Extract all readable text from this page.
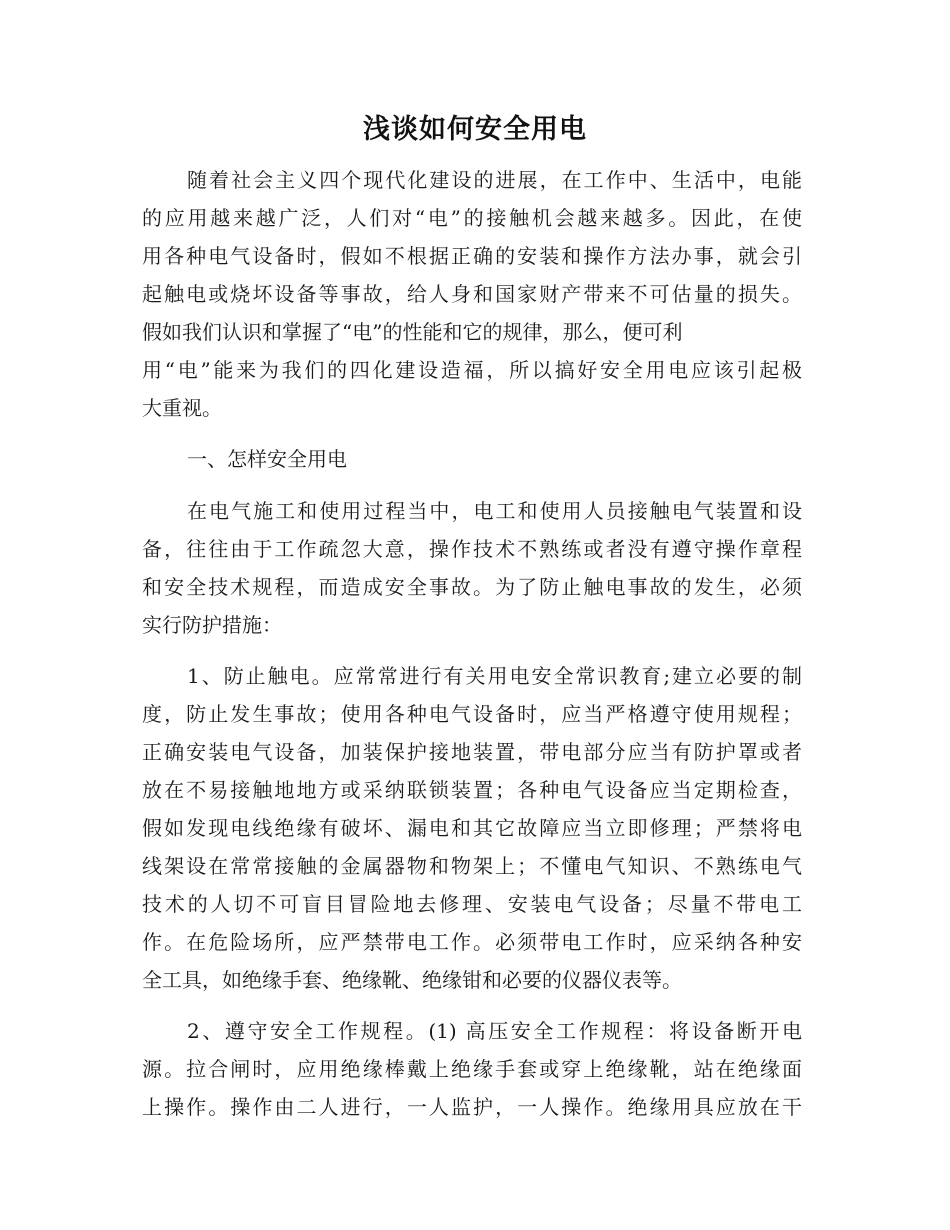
浅谈如何安全用电
随着社会主义四个现代化建设的进展，在工作中、生活中，电能
的应用越来越广泛，人们对“电”的接触机会越来越多。因此，在使
用各种电气设备时，假如不根据正确的安装和操作方法办事，就会引
起触电或烧坏设备等事故，给人身和国家财产带来不可估量的损失。
假如我们认识和掌握了“电”的性能和它的规律，那么，便可利
用“电”能来为我们的四化建设造福，所以搞好安全用电应该引起极
大重视。
一、怎样安全用电
在电气施工和使用过程当中，电工和使用人员接触电气装置和设
备，往往由于工作疏忽大意，操作技术不熟练或者没有遵守操作章程
和安全技术规程，而造成安全事故。为了防止触电事故的发生，必须
实行防护措施：
1、防止触电。应常常进行有关用电安全常识教育;建立必要的制
度，防止发生事故；使用各种电气设备时，应当严格遵守使用规程；
正确安装电气设备，加装保护接地装置，带电部分应当有防护罩或者
放在不易接触地地方或采纳联锁装置；各种电气设备应当定期检查，
假如发现电线绝缘有破坏、漏电和其它故障应当立即修理；严禁将电
线架设在常常接触的金属器物和物架上；不懂电气知识、不熟练电气
技术的人切不可盲目冒险地去修理、安装电气设备；尽量不带电工
作。在危险场所，应严禁带电工作。必须带电工作时，应采纳各种安
全工具，如绝缘手套、绝缘靴、绝缘钳和必要的仪器仪表等。
2、遵守安全工作规程。(1) 高压安全工作规程：将设备断开电
源。拉合闸时，应用绝缘棒戴上绝缘手套或穿上绝缘靴，站在绝缘面
上操作。操作由二人进行，一人监护，一人操作。绝缘用具应放在干
